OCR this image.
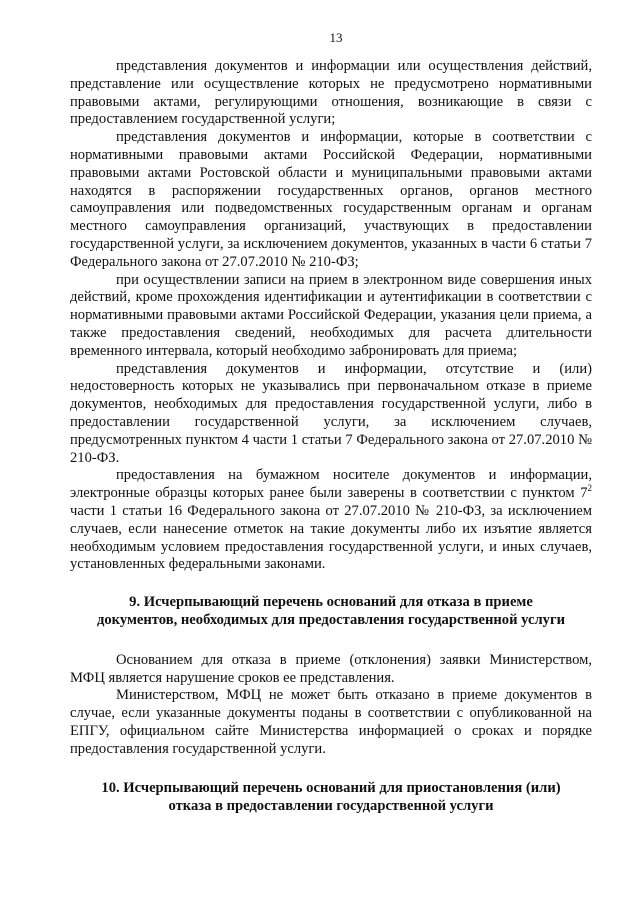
13

представления документов и информации или осуществления действий, представление или осуществление которых не предусмотрено нормативными правовыми актами, регулирующими отношения, возникающие в связи с предоставлением государственной услуги;

представления документов и информации, которые в соответствии с нормативными правовыми актами Российской Федерации, нормативными правовыми актами Ростовской области и муниципальными правовыми актами находятся в распоряжении государственных органов, органов местного самоуправления или подведомственных государственным органам и органам местного самоуправления организаций, участвующих в предоставлении государственной услуги, за исключением документов, указанных в части 6 статьи 7 Федерального закона от 27.07.2010 № 210-ФЗ;

при осуществлении записи на прием в электронном виде совершения иных действий, кроме прохождения идентификации и аутентификации в соответствии с нормативными правовыми актами Российской Федерации, указания цели приема, а также предоставления сведений, необходимых для расчета длительности временного интервала, который необходимо забронировать для приема;

представления документов и информации, отсутствие и (или) недостоверность которых не указывались при первоначальном отказе в приеме документов, необходимых для предоставления государственной услуги, либо в предоставлении государственной услуги, за исключением случаев, предусмотренных пунктом 4 части 1 статьи 7 Федерального закона от 27.07.2010 № 210-ФЗ.

предоставления на бумажном носителе документов и информации, электронные образцы которых ранее были заверены в соответствии с пунктом $7^2$ части 1 статьи 16 Федерального закона от 27.07.2010 № 210-ФЗ, за исключением случаев, если нанесение отметок на такие документы либо их изъятие является необходимым условием предоставления государственной услуги, и иных случаев, установленных федеральными законами.

9. Исчерпывающий перечень оснований для отказа в приеме
документов, необходимых для предоставления государственной услуги

Основанием для отказа в приеме (отклонения) заявки Министерством, МФЦ является нарушение сроков ее представления.

Министерством, МФЦ не может быть отказано в приеме документов в случае, если указанные документы поданы в соответствии с опубликованной на ЕПГУ, официальном сайте Министерства информацией о сроках и порядке предоставления государственной услуги.

10. Исчерпывающий перечень оснований для приостановления (или)
отказа в предоставлении государственной услуги
